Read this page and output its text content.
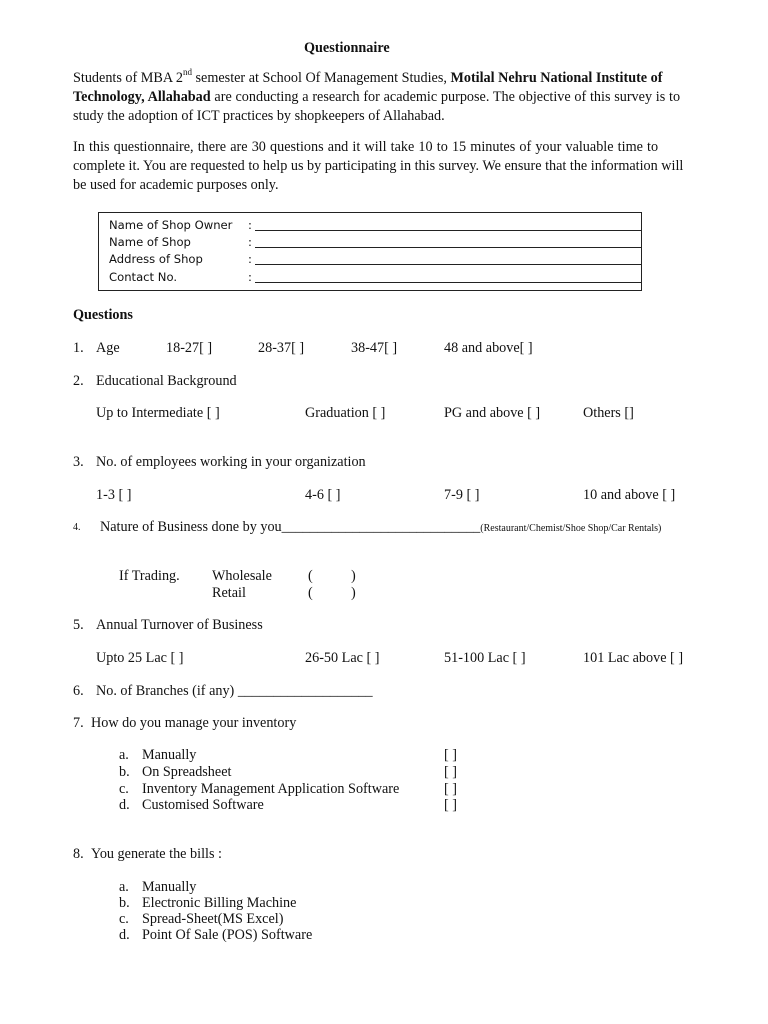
Questionnaire
Students of MBA 2nd semester at School Of Management Studies, Motilal Nehru National Institute of
Technology, Allahabad are conducting a research for academic purpose. The objective of this survey is to
study the adoption of ICT practices by shopkeepers of Allahabad.
In this questionnaire, there are 30 questions and it will take 10 to 15 minutes of your valuable time to
complete it. You are requested to help us by participating in this survey. We ensure that the information will
be used for academic purposes only.
Name of Shop Owner	:
Name of Shop	:
Address of Shop	:
Contact No.	:
Questions
1. Age	18-27[ ]	28-37[ ]	38-47[ ]	48 and above[ ]
2. Educational Background
Up to Intermediate [ ]	Graduation [ ]	PG and above [ ]	Others []
3. No. of employees working in your organization
1-3 [ ]	4-6 [ ]	7-9 [ ]	10 and above [ ]
4. Nature of Business done by you____________________________(Restaurant/Chemist/Shoe Shop/Car Rentals)
If Trading. Wholesale	(	)
Retail	(	)
5. Annual Turnover of Business
Upto 25 Lac [ ]	26-50 Lac [ ]	51-100 Lac [ ]	101 Lac above [ ]
6. No. of Branches (if any) ___________________
7. How do you manage your inventory
a. Manually	[ ]
b. On Spreadsheet	[ ]
c. Inventory Management Application Software	[ ]
d. Customised Software	[ ]
8. You generate the bills :
a. Manually
b. Electronic Billing Machine
c. Spread-Sheet(MS Excel)
d. Point Of Sale (POS) Software
